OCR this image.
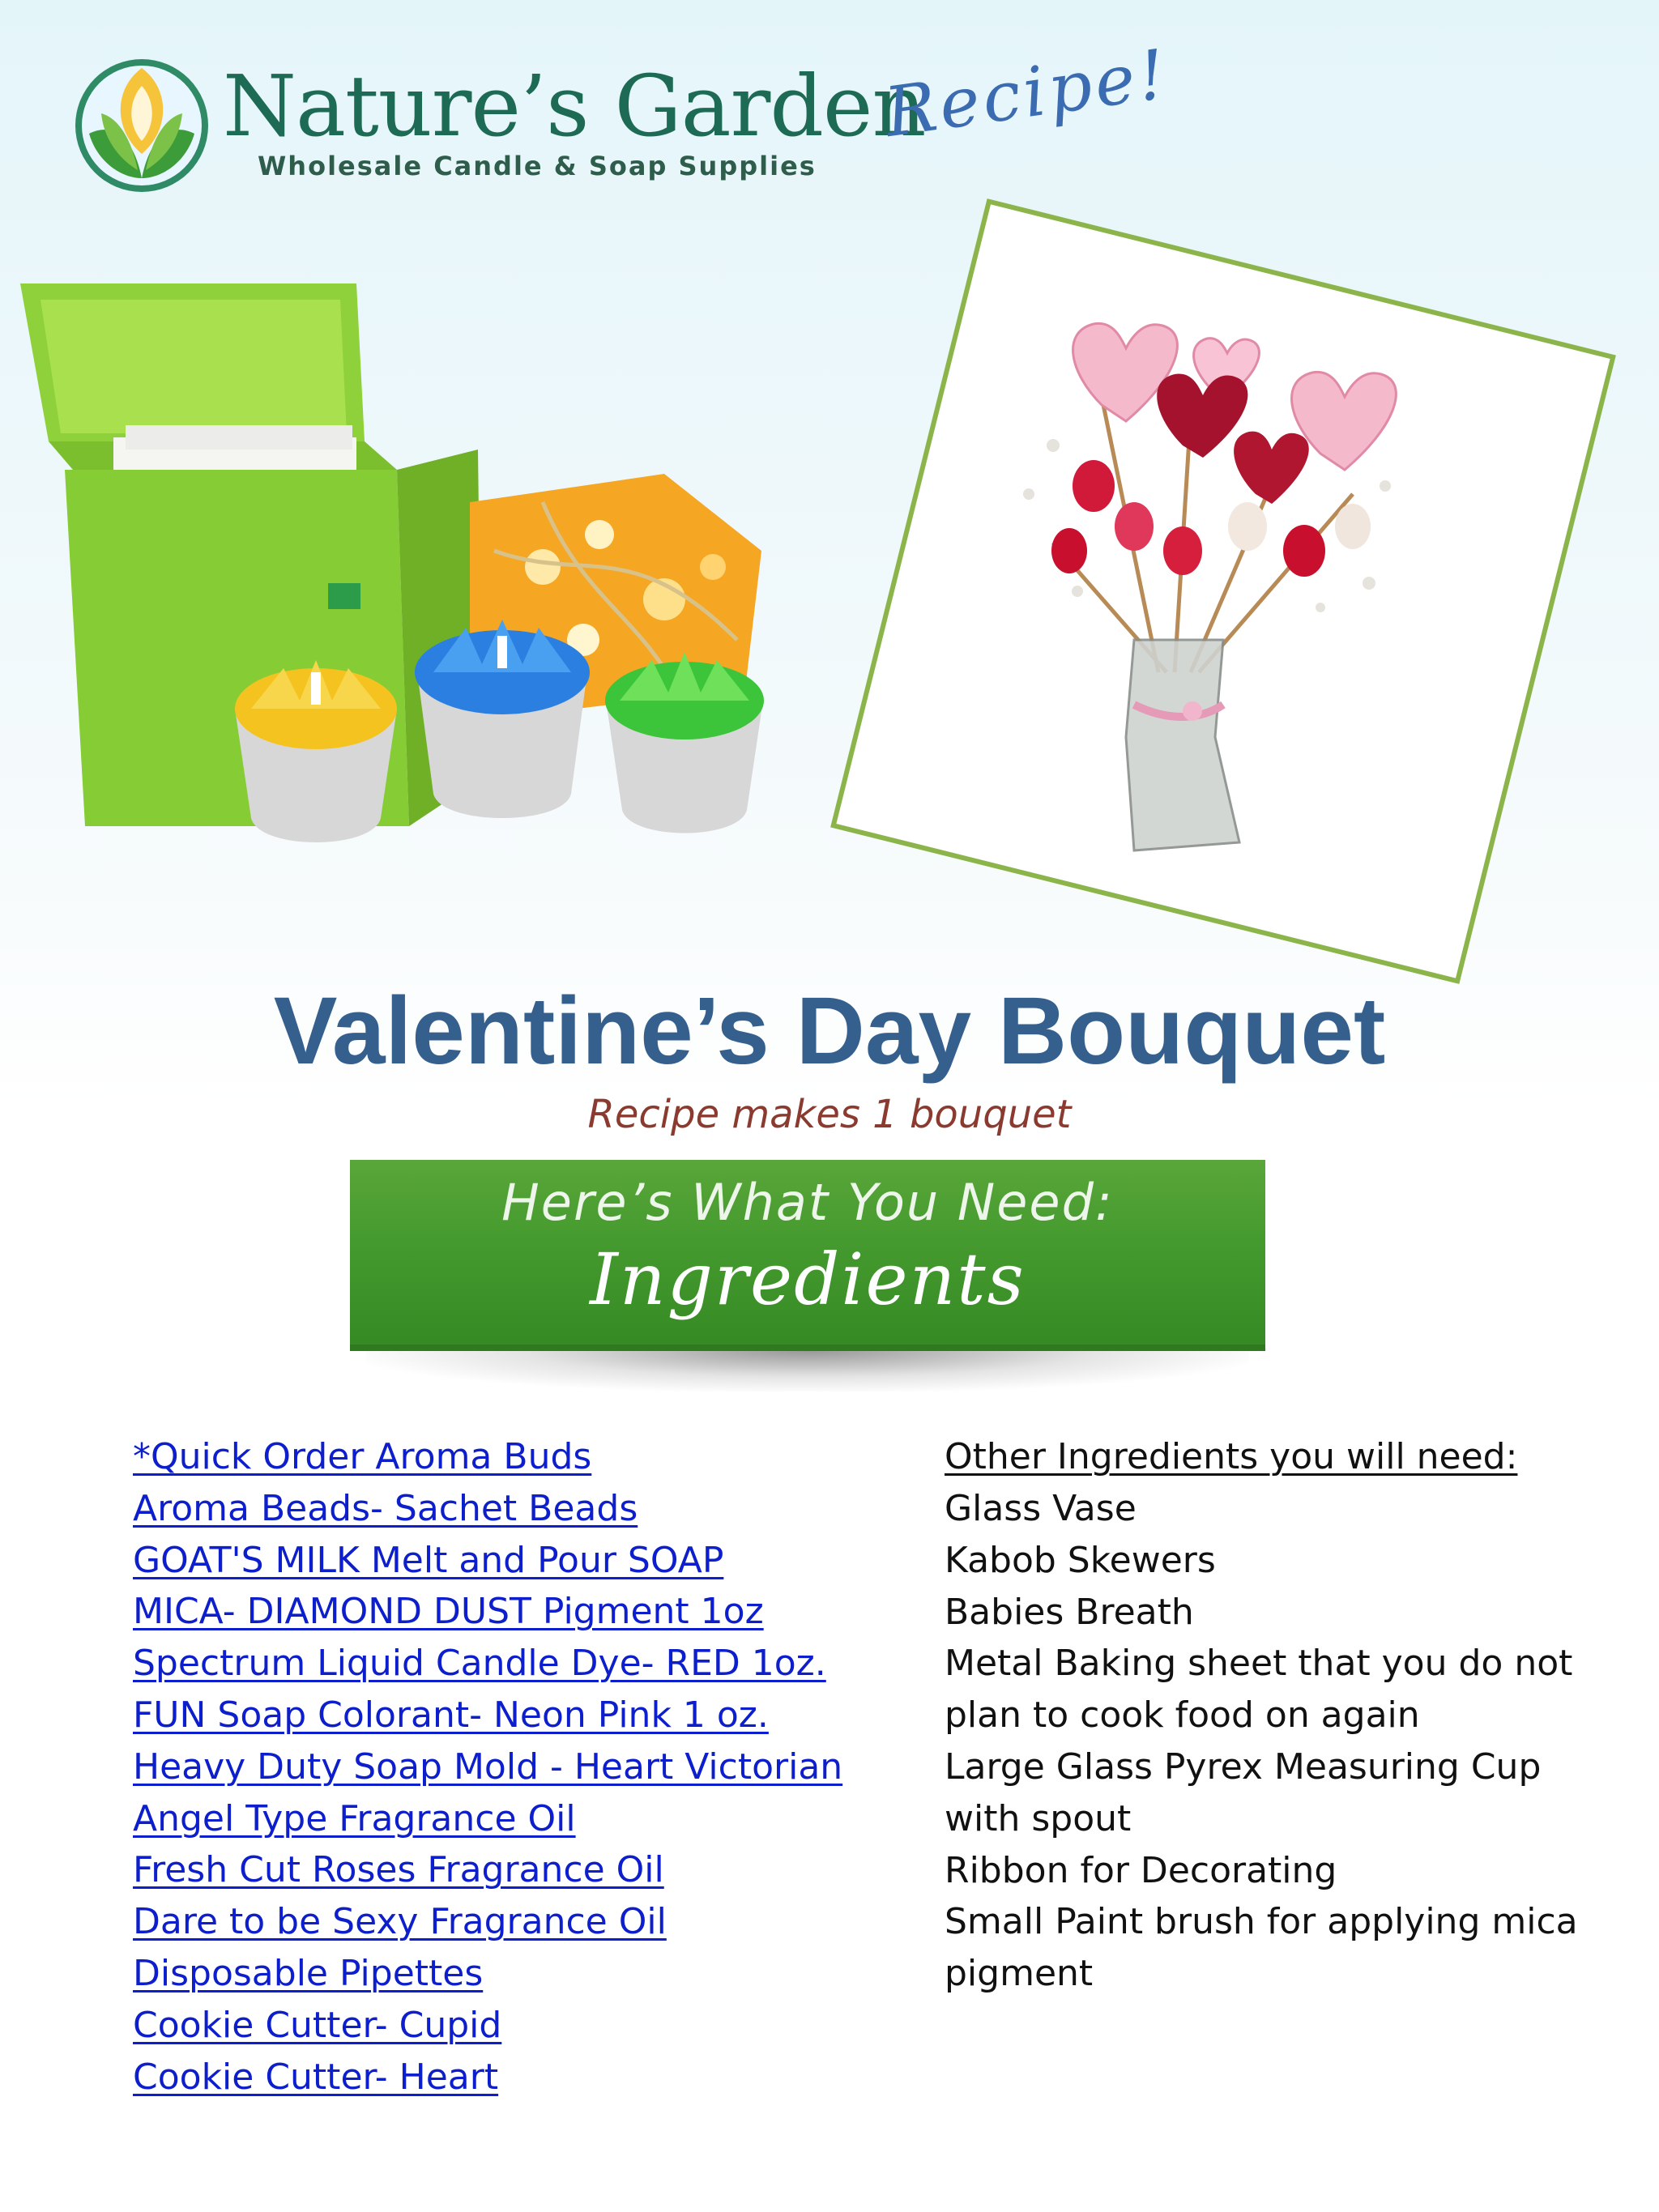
Nature’s Garden
Wholesale Candle & Soap Supplies
Recipe!
Valentine’s Day Bouquet
Recipe makes 1 bouquet
Here’s What You Need:
Ingredients
*Quick Order Aroma Buds
Aroma Beads- Sachet Beads
GOAT'S MILK Melt and Pour SOAP
MICA- DIAMOND DUST Pigment 1oz
Spectrum Liquid Candle Dye- RED 1oz.
FUN Soap Colorant- Neon Pink 1 oz.
Heavy Duty Soap Mold - Heart Victorian
Angel Type Fragrance Oil
Fresh Cut Roses Fragrance Oil
Dare to be Sexy Fragrance Oil
Disposable Pipettes
Cookie Cutter- Cupid
Cookie Cutter- Heart
Other Ingredients you will need:
Glass Vase
Kabob Skewers
Babies Breath
Metal Baking sheet that you do not
plan to cook food on again
Large Glass Pyrex Measuring Cup
with spout
Ribbon for Decorating
Small Paint brush for applying mica
pigment
